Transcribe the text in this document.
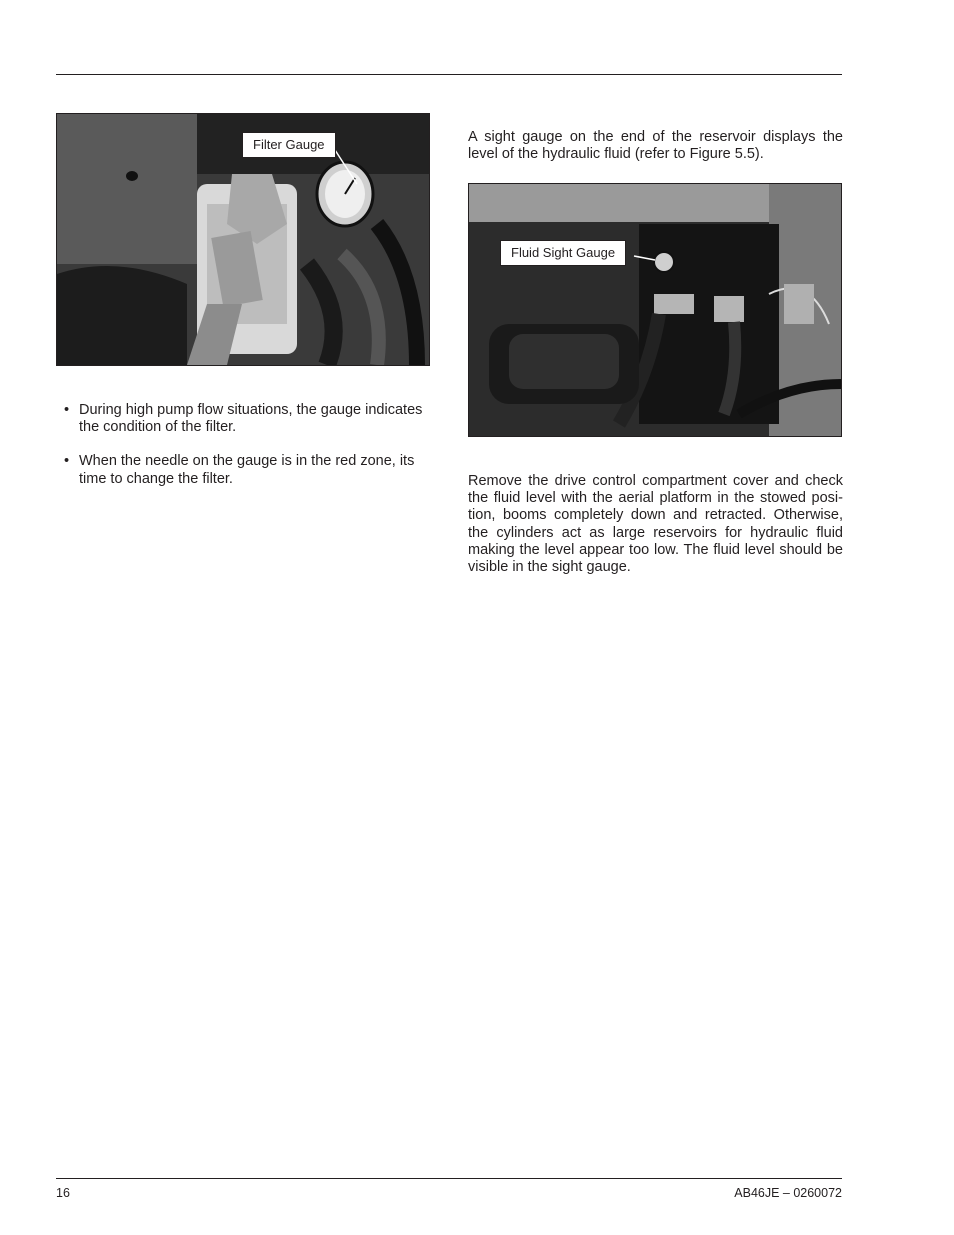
Filter Gauge
• During high pump flow situations, the gauge indicates the condition of the filter.
• When the needle on the gauge is in the red zone, its time to change the filter.

A sight gauge on the end of the reservoir displays the level of the hydraulic fluid (refer to Figure 5.5).

Fluid Sight Gauge

Remove the drive control compartment cover and check the fluid level with the aerial platform in the stowed position, booms completely down and retracted. Otherwise, the cylinders act as large reservoirs for hydraulic fluid making the level appear too low. The fluid level should be visible in the sight gauge.

16	AB46JE – 0260072
